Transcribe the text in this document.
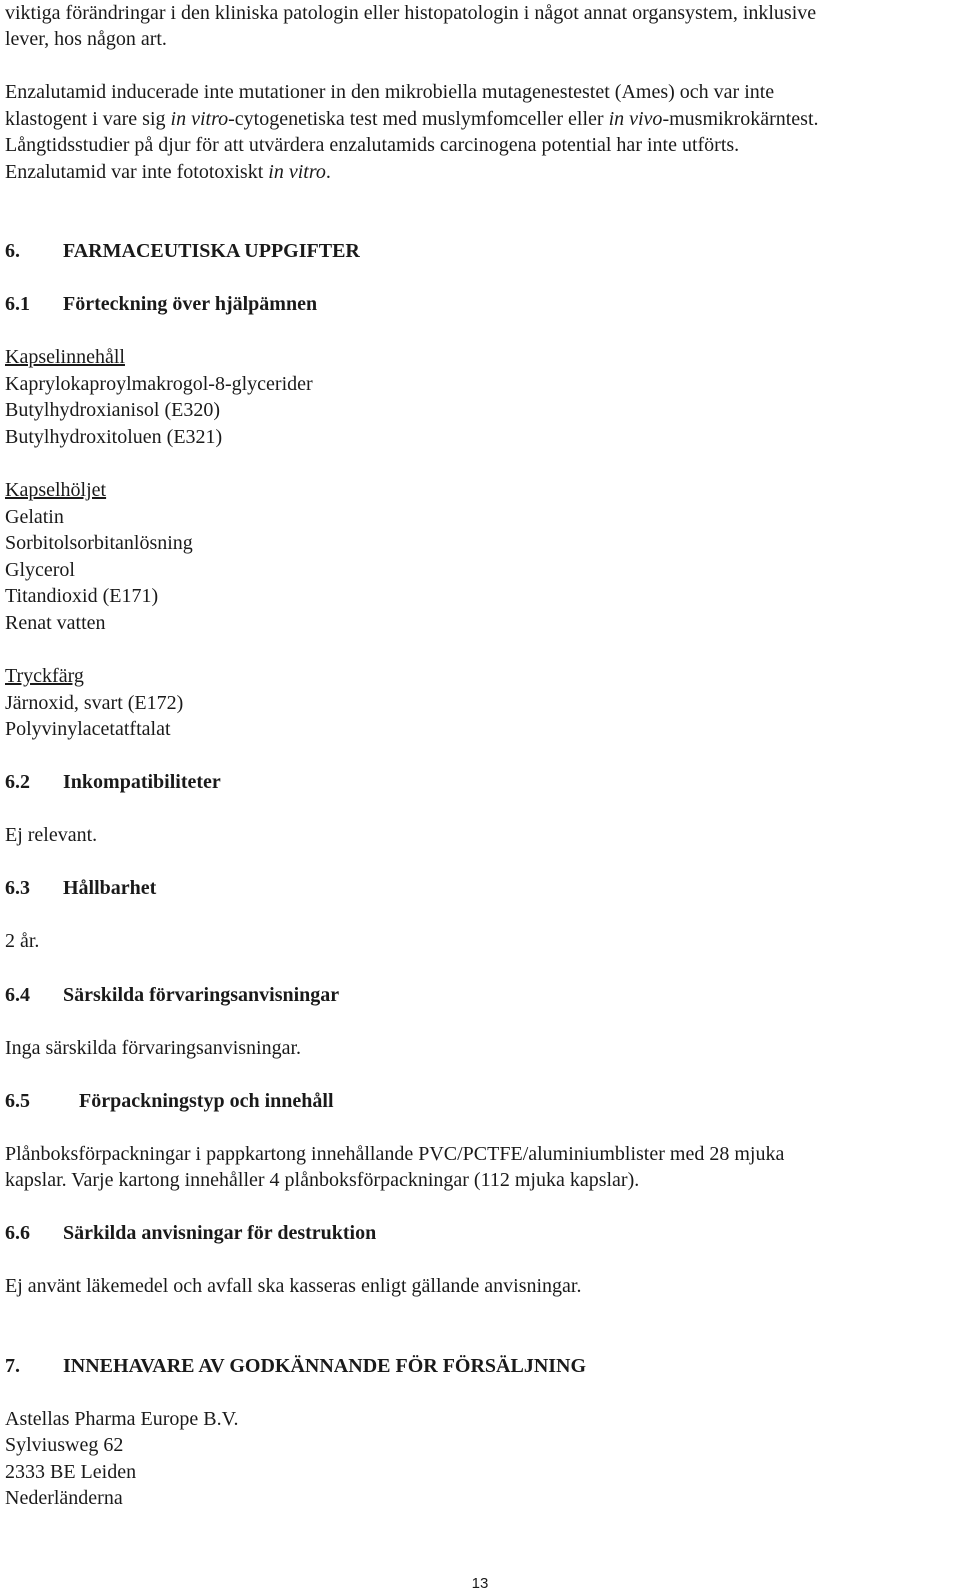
viktiga förändringar i den kliniska patologin eller histopatologin i något annat organsystem, inklusive

lever, hos någon art.

Enzalutamid inducerade inte mutationer in den mikrobiella mutagenestestet (Ames) och var inte

klastogent i vare sig in vitro-cytogenetiska test med muslymfomceller eller in vivo-musmikrokärntest.

Långtidsstudier på djur för att utvärdera enzalutamids carcinogena potential har inte utförts.

Enzalutamid var inte fototoxiskt in vitro.

6. FARMACEUTISKA UPPGIFTER

6.1 Förteckning över hjälpämnen

Kapselinnehåll

Kaprylokaproylmakrogol-8-glycerider

Butylhydroxianisol (E320)

Butylhydroxitoluen (E321)

Kapselhöljet

Gelatin

Sorbitolsorbitanlösning

Glycerol

Titandioxid (E171)

Renat vatten

Tryckfärg

Järnoxid, svart (E172)

Polyvinylacetatftalat

6.2 Inkompatibiliteter

Ej relevant.

6.3 Hållbarhet

2 år.

6.4 Särskilda förvaringsanvisningar

Inga särskilda förvaringsanvisningar.

6.5 Förpackningstyp och innehåll

Plånboksförpackningar i pappkartong innehållande PVC/PCTFE/aluminiumblister med 28 mjuka

kapslar. Varje kartong innehåller 4 plånboksförpackningar (112 mjuka kapslar).

6.6 Särkilda anvisningar för destruktion

Ej använt läkemedel och avfall ska kasseras enligt gällande anvisningar.

7. INNEHAVARE AV GODKÄNNANDE FÖR FÖRSÄLJNING

Astellas Pharma Europe B.V.

Sylviusweg 62

2333 BE Leiden

Nederländerna

13
